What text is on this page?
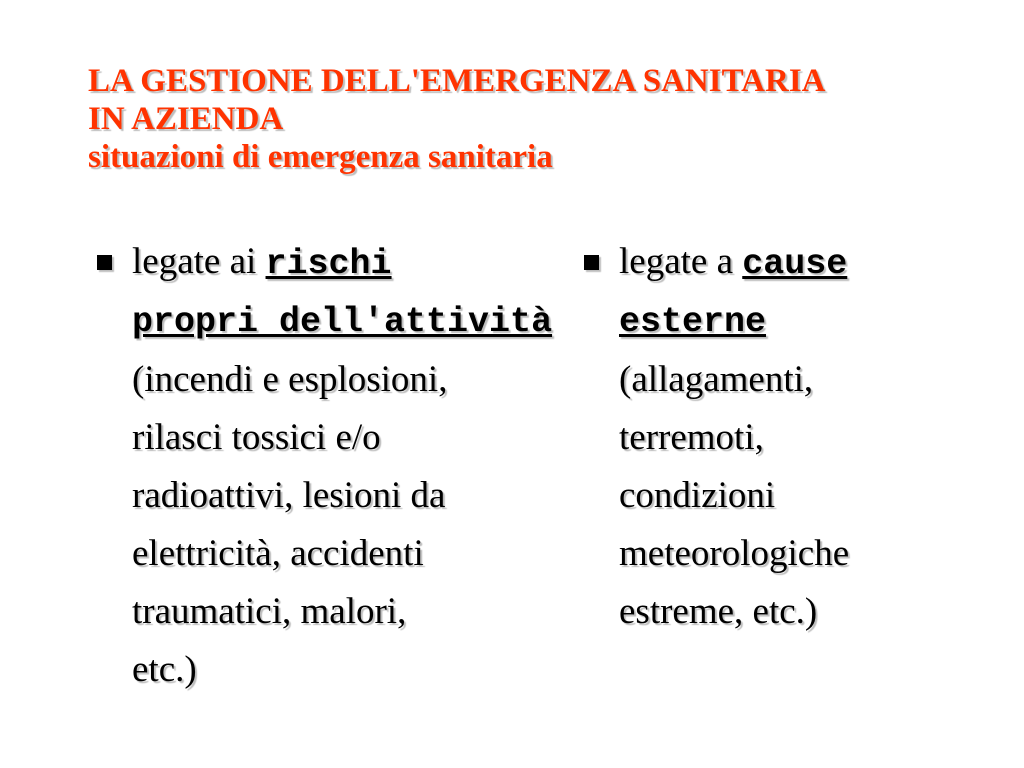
LA GESTIONE DELL'EMERGENZA SANITARIA
IN AZIENDA
situazioni di emergenza sanitaria
legate ai rischi
propri dell'attività
(incendi e esplosioni,
rilasci tossici e/o
radioattivi, lesioni da
elettricità, accidenti
traumatici, malori,
etc.)
legate a cause
esterne
(allagamenti,
terremoti,
condizioni
meteorologiche
estreme, etc.)
